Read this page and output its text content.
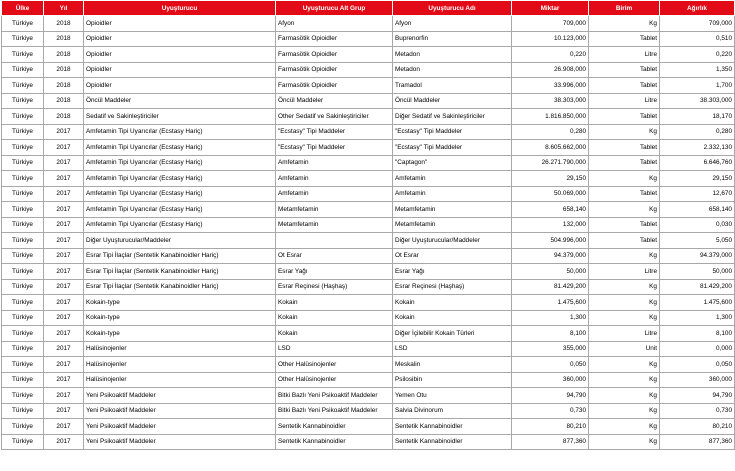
Ülke	Yıl	Uyuşturucu	Uyuşturucu Alt Grup	Uyuşturucu Adı	Miktar	Birim	Ağırlık
Türkiye	2018	Opioidler	Afyon	Afyon	709,000	Kg	709,000
Türkiye	2018	Opioidler	Farmasötik Opioidler	Buprenorfin	10.123,000	Tablet	0,510
Türkiye	2018	Opioidler	Farmasötik Opioidler	Metadon	0,220	Litre	0,220
Türkiye	2018	Opioidler	Farmasötik Opioidler	Metadon	26.908,000	Tablet	1,350
Türkiye	2018	Opioidler	Farmasötik Opioidler	Tramadol	33.996,000	Tablet	1,700
Türkiye	2018	Öncül Maddeler	Öncül Maddeler	Öncül Maddeler	38.303,000	Litre	38.303,000
Türkiye	2018	Sedatif ve Sakinleştiriciler	Other Sedatif ve Sakinleştiriciler	Diğer Sedatif ve Sakinleştiriciler	1.816.850,000	Tablet	18,170
Türkiye	2017	Amfetamin Tipi Uyarıcılar (Ecstasy Hariç)	"Ecstasy" Tipi Maddeler	"Ecstasy" Tipi Maddeler	0,280	Kg	0,280
Türkiye	2017	Amfetamin Tipi Uyarıcılar (Ecstasy Hariç)	"Ecstasy" Tipi Maddeler	"Ecstasy" Tipi Maddeler	8.605.662,000	Tablet	2.332,130
Türkiye	2017	Amfetamin Tipi Uyarıcılar (Ecstasy Hariç)	Amfetamin	"Captagon"	26.271.790,000	Tablet	6.646,760
Türkiye	2017	Amfetamin Tipi Uyarıcılar (Ecstasy Hariç)	Amfetamin	Amfetamin	29,150	Kg	29,150
Türkiye	2017	Amfetamin Tipi Uyarıcılar (Ecstasy Hariç)	Amfetamin	Amfetamin	50.069,000	Tablet	12,670
Türkiye	2017	Amfetamin Tipi Uyarıcılar (Ecstasy Hariç)	Metamfetamin	Metamfetamin	658,140	Kg	658,140
Türkiye	2017	Amfetamin Tipi Uyarıcılar (Ecstasy Hariç)	Metamfetamin	Metamfetamin	132,000	Tablet	0,030
Türkiye	2017	Diğer Uyuşturucular/Maddeler		Diğer Uyuşturucular/Maddeler	504.996,000	Tablet	5,050
Türkiye	2017	Esrar Tipi İlaçlar (Sentetik Kanabinoidler Hariç)	Ot Esrar	Ot Esrar	94.379,000	Kg	94.379,000
Türkiye	2017	Esrar Tipi İlaçlar (Sentetik Kanabinoidler Hariç)	Esrar Yağı	Esrar Yağı	50,000	Litre	50,000
Türkiye	2017	Esrar Tipi İlaçlar (Sentetik Kanabinoidler Hariç)	Esrar Reçinesi (Haşhaş)	Esrar Reçinesi (Haşhaş)	81.429,200	Kg	81.429,200
Türkiye	2017	Kokain-type	Kokain	Kokain	1.475,600	Kg	1.475,600
Türkiye	2017	Kokain-type	Kokain	Kokain	1,300	Kg	1,300
Türkiye	2017	Kokain-type	Kokain	Diğer İçilebilir Kokain Türleri	8,100	Litre	8,100
Türkiye	2017	Halüsinojenler	LSD	LSD	355,000	Unit	0,000
Türkiye	2017	Halüsinojenler	Other Halüsinojenler	Meskalin	0,050	Kg	0,050
Türkiye	2017	Halüsinojenler	Other Halüsinojenler	Psilosibin	360,000	Kg	360,000
Türkiye	2017	Yeni Psikoaktif Maddeler	Bitki Bazlı Yeni Psikoaktif Maddeler	Yemen Otu	94,790	Kg	94,790
Türkiye	2017	Yeni Psikoaktif Maddeler	Bitki Bazlı Yeni Psikoaktif Maddeler	Salvia Divinorum	0,730	Kg	0,730
Türkiye	2017	Yeni Psikoaktif Maddeler	Sentetik Kannabinoidler	Sentetik Kannabinoidler	80,210	Kg	80,210
Türkiye	2017	Yeni Psikoaktif Maddeler	Sentetik Kannabinoidler	Sentetik Kannabinoidler	877,360	Kg	877,360
